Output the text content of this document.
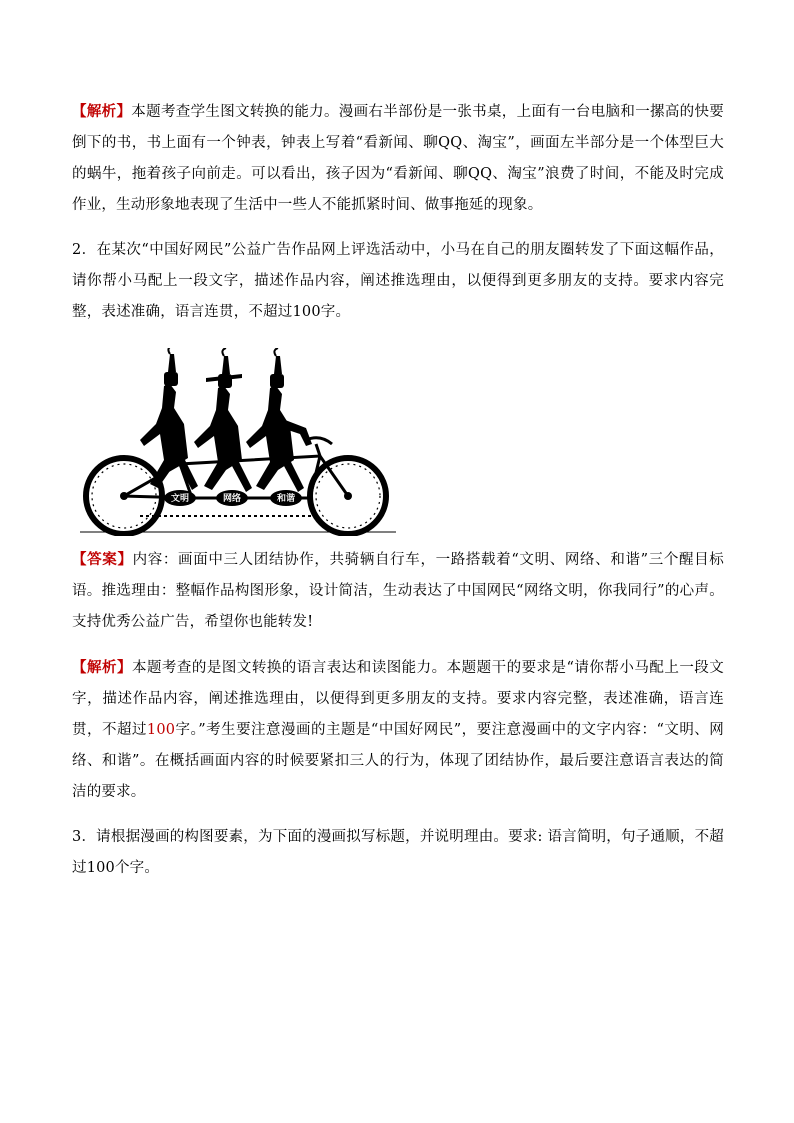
【解析】本题考查学生图文转换的能力。漫画右半部份是一张书桌，上面有一台电脑和一摞高的快要倒下的书，书上面有一个钟表，钟表上写着“看新闻、聊QQ、淘宝”，画面左半部分是一个体型巨大的蜗牛，拖着孩子向前走。可以看出，孩子因为“看新闻、聊QQ、淘宝”浪费了时间，不能及时完成作业，生动形象地表现了生活中一些人不能抓紧时间、做事拖延的现象。

2．在某次“中国好网民”公益广告作品网上评选活动中，小马在自己的朋友圈转发了下面这幅作品，请你帮小马配上一段文字，描述作品内容，阐述推选理由，以便得到更多朋友的支持。要求内容完整，表述准确，语言连贯，不超过100字。

文明	网络	和谐

【答案】内容：画面中三人团结协作，共骑辆自行车，一路搭载着“文明、网络、和谐”三个醒目标语。推选理由：整幅作品构图形象，设计简洁，生动表达了中国网民“网络文明，你我同行”的心声。支持优秀公益广告，希望你也能转发!

【解析】本题考查的是图文转换的语言表达和读图能力。本题题干的要求是“请你帮小马配上一段文字，描述作品内容，阐述推选理由，以便得到更多朋友的支持。要求内容完整，表述准确，语言连贯，不超过100字。”考生要注意漫画的主题是“中国好网民”，要注意漫画中的文字内容：“文明、网络、和谐”。在概括画面内容的时候要紧扣三人的行为，体现了团结协作，最后要注意语言表达的简洁的要求。

3．请根据漫画的构图要素，为下面的漫画拟写标题，并说明理由。要求: 语言简明，句子通顺，不超过100个字。
